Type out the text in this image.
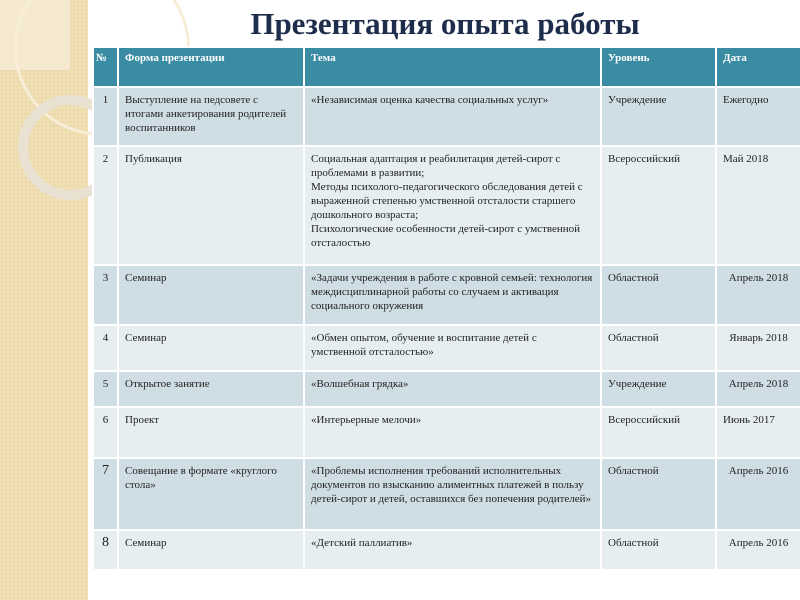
Презентация опыта работы
№	Форма презентации	Тема	Уровень	Дата
1	Выступление на педсовете с итогами анкетирования родителей воспитанников	«Независимая оценка качества социальных услуг»	Учреждение	Ежегодно
2	Публикация	Социальная адаптация и реабилитация детей-сирот с проблемами в развитии;
Методы психолого-педагогического обследования детей с выраженной степенью умственной отсталости старшего дошкольного возраста;
Психологические особенности детей-сирот с умственной отсталостью	Всероссийский	Май 2018
3	Семинар	«Задачи учреждения в работе с кровной семьей: технология междисциплинарной работы со случаем и активация социального окружения	Областной	Апрель 2018
4	Семинар	«Обмен опытом, обучение и воспитание детей с умственной отсталостью»	Областной	Январь 2018
5	Открытое занятие	«Волшебная грядка»	Учреждение	Апрель 2018
6	Проект	«Интерьерные мелочи»	Всероссийский	Июнь 2017
7	Совещание в формате «круглого стола»	«Проблемы исполнения требований исполнительных документов по взысканию алиментных платежей в пользу детей-сирот и детей, оставшихся без попечения родителей»	Областной	Апрель 2016
8	Семинар	«Детский паллиатив»	Областной	Апрель 2016
